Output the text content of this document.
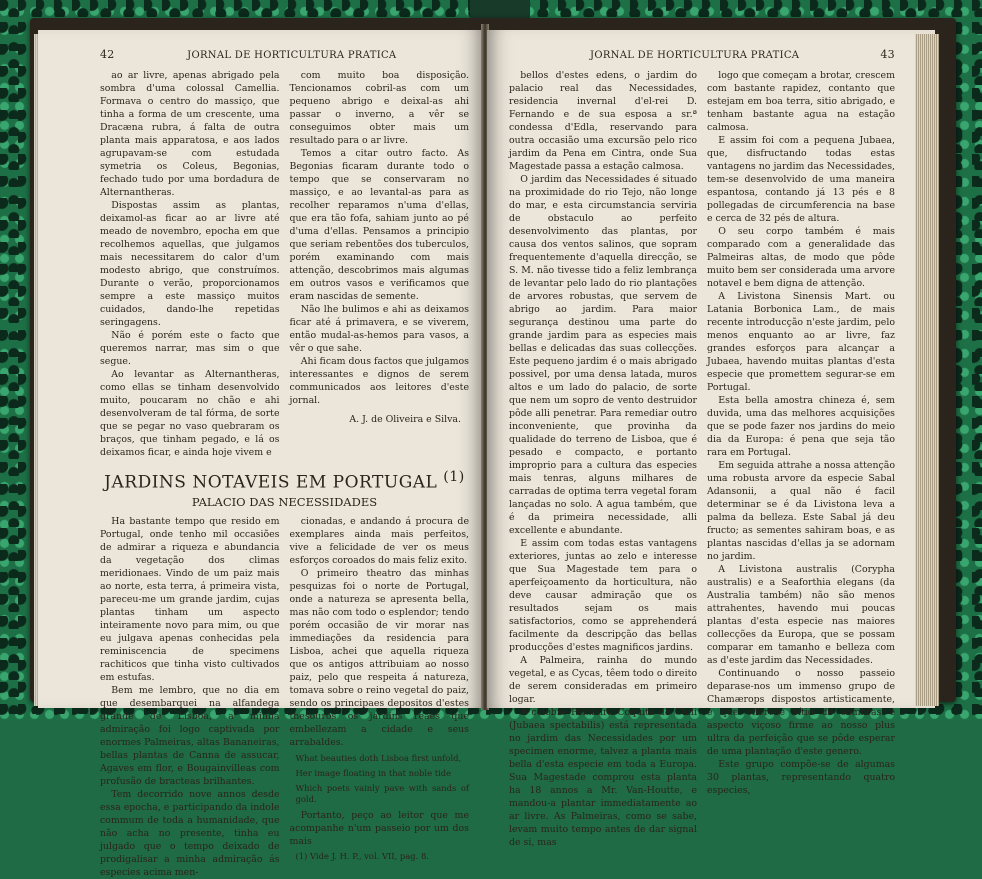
42	JORNAL DE HORTICULTURA PRATICA

ao ar livre, apenas abrigado pela sombra d'uma colossal Camellia. Formava o centro do massiço, que tinha a forma de um crescente, uma Dracæna rubra, á falta de outra planta mais apparatosa, e aos lados agrupavam-se com estudada symetria os Coleus, Begonias, fechado tudo por uma bordadura de Alternantheras.

Dispostas assim as plantas, deixamol-as ficar ao ar livre até meado de novembro, epocha em que recolhemos aquellas, que julgamos mais necessitarem do calor d'um modesto abrigo, que construímos. Durante o verão, proporcionamos sempre a este massiço muitos cuidados, dando-lhe repetidas seringagens.

Não é porém este o facto que queremos narrar, mas sim o que segue.

Ao levantar as Alternantheras, como ellas se tinham desenvolvido muito, poucaram no chão e ahi desenvolveram de tal fórma, de sorte que se pegar no vaso quebraram os braços, que tinham pegado, e lá os deixamos ficar, e ainda hoje vivem e

com muito boa disposição. Tencionamos cobril-as com um pequeno abrigo e deixal-as ahi passar o inverno, a vêr se conseguimos obter mais um resultado para o ar livre.

Temos a citar outro facto. As Begonias ficaram durante todo o tempo que se conservaram no massiço, e ao levantal-as para as recolher reparamos n'uma d'ellas, que era tão fofa, sahiam junto ao pé d'uma d'ellas. Pensamos a principio que seriam rebentões dos tuberculos, porém examinando com mais attenção, descobrimos mais algumas em outros vasos e verificamos que eram nascidas de semente.

Não lhe bulimos e ahi as deixamos ficar até á primavera, e se viverem, então mudal-as-hemos para vasos, a vêr o que sahe.

Ahi ficam dous factos que julgamos interessantes e dignos de serem communicados aos leitores d'este jornal.

A. J. de Oliveira e Silva.
JARDINS NOTAVEIS EM PORTUGAL $^{(1)}$
PALACIO DAS NECESSIDADES

Ha bastante tempo que resido em Portugal, onde tenho mil occasiões de admirar a riqueza e abundancia da vegetação dos climas meridionaes. Vindo de um paiz mais ao norte, esta terra, á primeira vista, pareceu-me um grande jardim, cujas plantas tinham um aspecto inteiramente novo para mim, ou que eu julgava apenas conhecidas pela reminiscencia de specimens rachiticos que tinha visto cultivados em estufas.

Bem me lembro, que no dia em que desembarquei na alfandega grande de Lisboa, a minha admiração foi logo captivada por enormes Palmeiras, altas Bananeiras, bellas plantas de Canna de assucar, Agaves em flor, e Bougainvilleas com profusão de bracteas brilhantes.

Tem decorrido nove annos desde essa epocha, e participando da indole commum de toda a humanidade, que não acha no presente, tinha eu julgado que o tempo deixado de prodigalisar a minha admiração ás especies acima men-

cionadas, e andando á procura de exemplares ainda mais perfeitos, vive a felicidade de ver os meus esforços coroados do mais feliz exito.

O primeiro theatro das minhas pesquizas foi o norte de Portugal, onde a natureza se apresenta bella, mas não com todo o esplendor; tendo porém occasião de vir morar nas immediações da residencia para Lisboa, achei que aquella riqueza que os antigos attribuiam ao nosso paiz, pelo que respeita á natureza, tomava sobre o reino vegetal do paiz, sendo os principaes depositos d'estes thesouros os jardins reaes que embellezam a cidade e seus arrabaldes.

What beauties doth Lisboa first unfold,
Her image floating in that noble tide
Which poets vainly pave with sands of gold.

Portanto, peço ao leitor que me acompanhe n'um passeio por um dos mais

(1) Vide J. H. P., vol. VII, pag. 8.
JORNAL DE HORTICULTURA PRATICA	43

bellos d'estes edens, o jardim do palacio real das Necessidades, residencia invernal d'el-rei D. Fernando e de sua esposa a sr.ª condessa d'Edla, reservando para outra occasião uma excursão pelo rico jardim da Pena em Cintra, onde Sua Magestade passa a estação calmosa.

O jardim das Necessidades é situado na proximidade do rio Tejo, não longe do mar, e esta circumstancia serviria de obstaculo ao perfeito desenvolvimento das plantas, por causa dos ventos salinos, que sopram frequentemente d'aquella direcção, se S. M. não tivesse tido a feliz lembrança de levantar pelo lado do rio plantações de arvores robustas, que servem de abrigo ao jardim. Para maior segurança destinou uma parte do grande jardim para as especies mais bellas e delicadas das suas collecções. Este pequeno jardim é o mais abrigado possivel, por uma densa latada, muros altos e um lado do palacio, de sorte que nem um sopro de vento destruidor pôde alli penetrar. Para remediar outro inconveniente, que provinha da qualidade do terreno de Lisboa, que é pesado e compacto, e portanto improprio para a cultura das especies mais tenras, alguns milhares de carradas de optima terra vegetal foram lançadas no solo. A agua também, que é da primeira necessidade, alli excellente e abundante.

E assim com todas estas vantagens exteriores, juntas ao zelo e interesse que Sua Magestade tem para o aperfeiçoamento da horticultura, não deve causar admiração que os resultados sejam os mais satisfactorios, como se apprehenderá facilmente da descripção das bellas producções d'estes magnificos jardins.

A Palmeira, rainha do mundo vegetal, e as Cycas, têem todo o direito de serem consideradas em primeiro logar.

A celebre Palmeira Coquita do Chili (Jubaea spectabilis) está representada no jardim das Necessidades por um specimen enorme, talvez a planta mais bella d'esta especie em toda a Europa. Sua Magestade comprou esta planta ha 18 annos a Mr. Van-Houtte, e mandou-a plantar immediatamente ao ar livre. As Palmeiras, como se sabe, levam muito tempo antes de dar signal de si, mas

logo que começam a brotar, crescem com bastante rapidez, contanto que estejam em boa terra, sitio abrigado, e tenham bastante agua na estação calmosa.

E assim foi com a pequena Jubaea, que, disfructando todas estas vantagens no jardim das Necessidades, tem-se desenvolvido de uma maneira espantosa, contando já 13 pés e 8 pollegadas de circumferencia na base e cerca de 32 pés de altura.

O seu corpo também é mais comparado com a generalidade das Palmeiras altas, de modo que pôde muito bem ser considerada uma arvore notavel e bem digna de attenção.

A Livistona Sinensis Mart. ou Latania Borbonica Lam., de mais recente introducção n'este jardim, pelo menos enquanto ao ar livre, faz grandes esforços para alcançar a Jubaea, havendo muitas plantas d'esta especie que promettem segurar-se em Portugal.

Esta bella amostra chineza é, sem duvida, uma das melhores acquisições que se pode fazer nos jardins do meio dia da Europa: é pena que seja tão rara em Portugal.

Em seguida attrahe a nossa attenção uma robusta arvore da especie Sabal Adansonii, a qual não é facil determinar se é da Livistona leva a palma da belleza. Este Sabal já deu fructo; as sementes sahiram boas, e as plantas nascidas d'ellas ja se adornam no jardim.

A Livistona australis (Corypha australis) e a Seaforthia elegans (da Australia também) não são menos attrahentes, havendo mui poucas plantas d'esta especie nas maiores collecções da Europa, que se possam comparar em tamanho e belleza com as d'este jardim das Necessidades.

Continuando o nosso passeio deparase-nos um immenso grupo de Chamærops dispostos artisticamente, e que offerece sítio de sombras e aspecto viçoso firme ao nosso plus ultra da perfeição que se pôde esperar de uma plantação d'este genero.

Este grupo compõe-se de algumas 30 plantas, representando quatro especies,
